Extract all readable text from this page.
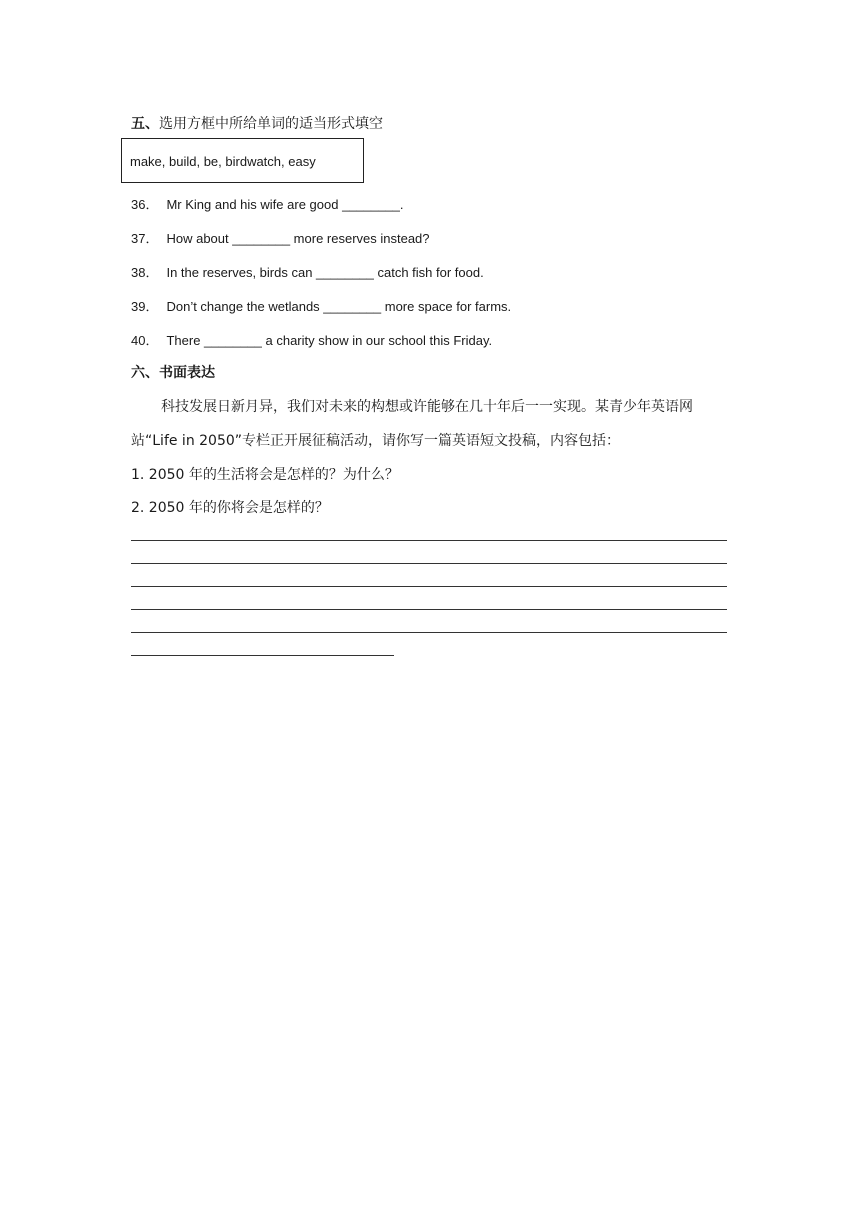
五、选用方框中所给单词的适当形式填空
make, build, be, birdwatch, easy
36． Mr King and his wife are good ________.
37． How about ________ more reserves instead?
38． In the reserves, birds can ________ catch fish for food.
39． Don’t change the wetlands ________ more space for farms.
40． There ________ a charity show in our school this Friday.
六、书面表达
科技发展日新月异，我们对未来的构想或许能够在几十年后一一实现。某青少年英语网
站“Life in 2050”专栏正开展征稿活动，请你写一篇英语短文投稿，内容包括：
1. 2050 年的生活将会是怎样的？为什么？
2. 2050 年的你将会是怎样的？
